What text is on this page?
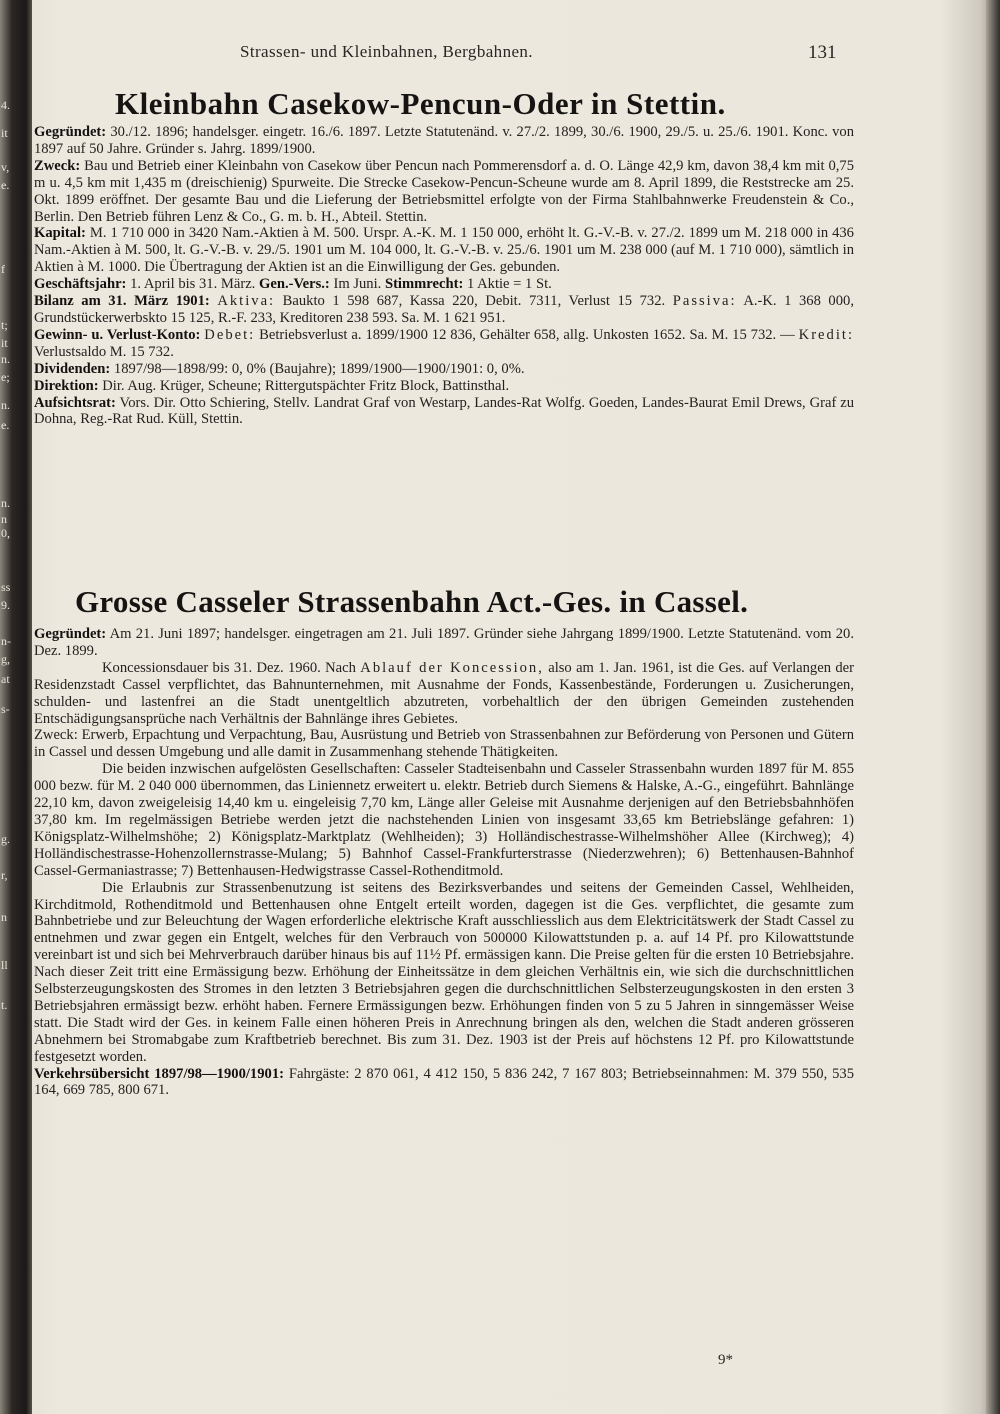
4.
it
v,
e.
f
t;
it
n.
e;
n.
e.
n.
n
0,
ss
9.
n-
g,
at
s-
g.
r,
n
ll
t.
Strassen- und Kleinbahnen, Bergbahnen.	131
Kleinbahn Casekow-Pencun-Oder in Stettin.

Gegründet: 30./12. 1896; handelsger. eingetr. 16./6. 1897. Letzte Statutenänd. v. 27./2. 1899, 30./6. 1900, 29./5. u. 25./6. 1901. Konc. von 1897 auf 50 Jahre. Gründer s. Jahrg. 1899/1900.

Zweck: Bau und Betrieb einer Kleinbahn von Casekow über Pencun nach Pommerensdorf a. d. O. Länge 42,9 km, davon 38,4 km mit 0,75 m u. 4,5 km mit 1,435 m (dreischienig) Spurweite. Die Strecke Casekow-Pencun-Scheune wurde am 8. April 1899, die Reststrecke am 25. Okt. 1899 eröffnet. Der gesamte Bau und die Lieferung der Betriebsmittel erfolgte von der Firma Stahlbahnwerke Freudenstein & Co., Berlin. Den Betrieb führen Lenz & Co., G. m. b. H., Abteil. Stettin.

Kapital: M. 1 710 000 in 3420 Nam.-Aktien à M. 500. Urspr. A.-K. M. 1 150 000, erhöht lt. G.-V.-B. v. 27./2. 1899 um M. 218 000 in 436 Nam.-Aktien à M. 500, lt. G.-V.-B. v. 29./5. 1901 um M. 104 000, lt. G.-V.-B. v. 25./6. 1901 um M. 238 000 (auf M. 1 710 000), sämtlich in Aktien à M. 1000. Die Übertragung der Aktien ist an die Einwilligung der Ges. gebunden.

Geschäftsjahr: 1. April bis 31. März. Gen.-Vers.: Im Juni. Stimmrecht: 1 Aktie = 1 St.

Bilanz am 31. März 1901: Aktiva: Baukto 1 598 687, Kassa 220, Debit. 7311, Verlust 15 732. Passiva: A.-K. 1 368 000, Grundstückerwerbskto 15 125, R.-F. 233, Kreditoren 238 593. Sa. M. 1 621 951.

Gewinn- u. Verlust-Konto: Debet: Betriebsverlust a. 1899/1900 12 836, Gehälter 658, allg. Unkosten 1652. Sa. M. 15 732. — Kredit: Verlustsaldo M. 15 732.

Dividenden: 1897/98—1898/99: 0, 0% (Baujahre); 1899/1900—1900/1901: 0, 0%.

Direktion: Dir. Aug. Krüger, Scheune; Rittergutspächter Fritz Block, Battinsthal.

Aufsichtsrat: Vors. Dir. Otto Schiering, Stellv. Landrat Graf von Westarp, Landes-Rat Wolfg. Goeden, Landes-Baurat Emil Drews, Graf zu Dohna, Reg.-Rat Rud. Küll, Stettin.

Grosse Casseler Strassenbahn Act.-Ges. in Cassel.

Gegründet: Am 21. Juni 1897; handelsger. eingetragen am 21. Juli 1897. Gründer siehe Jahrgang 1899/1900. Letzte Statutenänd. vom 20. Dez. 1899.

Koncessionsdauer bis 31. Dez. 1960. Nach Ablauf der Koncession, also am 1. Jan. 1961, ist die Ges. auf Verlangen der Residenzstadt Cassel verpflichtet, das Bahnunternehmen, mit Ausnahme der Fonds, Kassenbestände, Forderungen u. Zusicherungen, schulden- und lastenfrei an die Stadt unentgeltlich abzutreten, vorbehaltlich der den übrigen Gemeinden zustehenden Entschädigungsansprüche nach Verhältnis der Bahnlänge ihres Gebietes.

Zweck: Erwerb, Erpachtung und Verpachtung, Bau, Ausrüstung und Betrieb von Strassenbahnen zur Beförderung von Personen und Gütern in Cassel und dessen Umgebung und alle damit in Zusammenhang stehende Thätigkeiten.

Die beiden inzwischen aufgelösten Gesellschaften: Casseler Stadteisenbahn und Casseler Strassenbahn wurden 1897 für M. 855 000 bezw. für M. 2 040 000 übernommen, das Liniennetz erweitert u. elektr. Betrieb durch Siemens & Halske, A.-G., eingeführt. Bahnlänge 22,10 km, davon zweigeleisig 14,40 km u. eingeleisig 7,70 km, Länge aller Geleise mit Ausnahme derjenigen auf den Betriebsbahnhöfen 37,80 km. Im regelmässigen Betriebe werden jetzt die nachstehenden Linien von insgesamt 33,65 km Betriebslänge gefahren: 1) Königsplatz-Wilhelmshöhe; 2) Königsplatz-Marktplatz (Wehlheiden); 3) Holländischestrasse-Wilhelmshöher Allee (Kirchweg); 4) Holländischestrasse-Hohenzollernstrasse-Mulang; 5) Bahnhof Cassel-Frankfurterstrasse (Niederzwehren); 6) Bettenhausen-Bahnhof Cassel-Germaniastrasse; 7) Bettenhausen-Hedwigstrasse Cassel-Rothenditmold.

Die Erlaubnis zur Strassenbenutzung ist seitens des Bezirksverbandes und seitens der Gemeinden Cassel, Wehlheiden, Kirchditmold, Rothenditmold und Bettenhausen ohne Entgelt erteilt worden, dagegen ist die Ges. verpflichtet, die gesamte zum Bahnbetriebe und zur Beleuchtung der Wagen erforderliche elektrische Kraft ausschliesslich aus dem Elektricitätswerk der Stadt Cassel zu entnehmen und zwar gegen ein Entgelt, welches für den Verbrauch von 500000 Kilowattstunden p. a. auf 14 Pf. pro Kilowattstunde vereinbart ist und sich bei Mehrverbrauch darüber hinaus bis auf 11½ Pf. ermässigen kann. Die Preise gelten für die ersten 10 Betriebsjahre. Nach dieser Zeit tritt eine Ermässigung bezw. Erhöhung der Einheitssätze in dem gleichen Verhältnis ein, wie sich die durchschnittlichen Selbsterzeugungskosten des Stromes in den letzten 3 Betriebsjahren gegen die durchschnittlichen Selbsterzeugungskosten in den ersten 3 Betriebsjahren ermässigt bezw. erhöht haben. Fernere Ermässigungen bezw. Erhöhungen finden von 5 zu 5 Jahren in sinngemässer Weise statt. Die Stadt wird der Ges. in keinem Falle einen höheren Preis in Anrechnung bringen als den, welchen die Stadt anderen grösseren Abnehmern bei Stromabgabe zum Kraftbetrieb berechnet. Bis zum 31. Dez. 1903 ist der Preis auf höchstens 12 Pf. pro Kilowattstunde festgesetzt worden.

Verkehrsübersicht 1897/98—1900/1901: Fahrgäste: 2 870 061, 4 412 150, 5 836 242, 7 167 803; Betriebseinnahmen: M. 379 550, 535 164, 669 785, 800 671.

9*
